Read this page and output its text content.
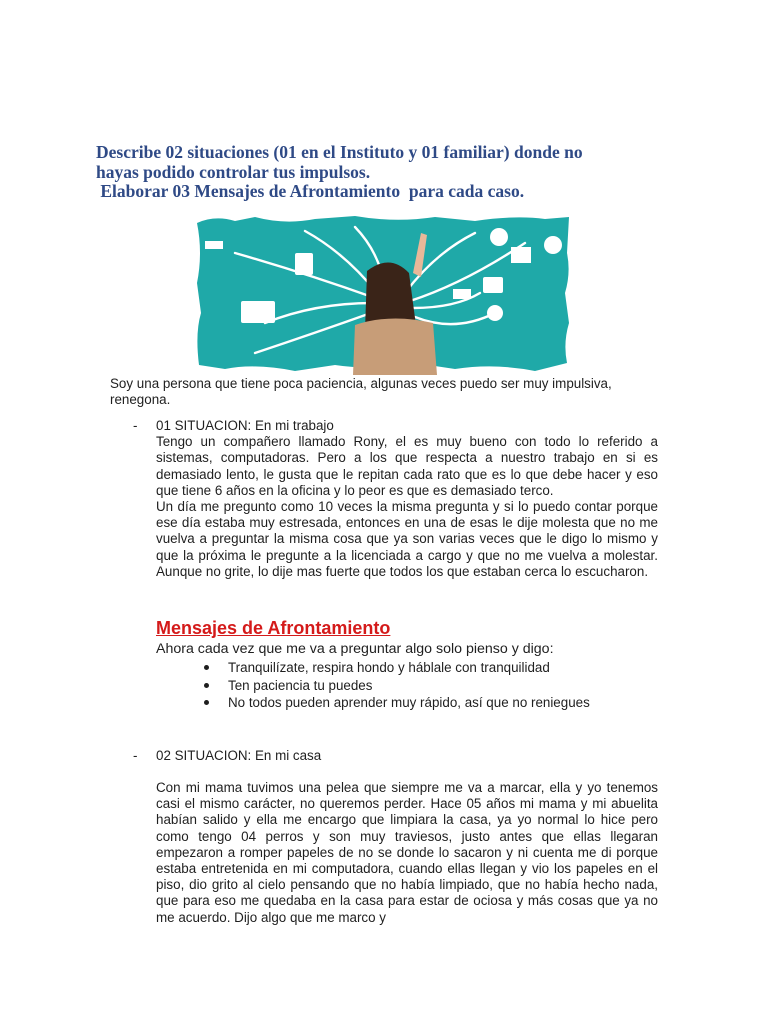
Describe 02 situaciones (01 en el Instituto y 01 familiar) donde no
hayas podido controlar tus impulsos.
Elaborar 03 Mensajes de Afrontamiento  para cada caso.
Soy una persona que tiene poca paciencia, algunas veces puedo ser muy impulsiva, renegona.
- 01 SITUACION: En mi trabajo

Tengo un compañero llamado Rony, el es muy bueno con todo lo referido a sistemas, computadoras. Pero a los que respecta a nuestro trabajo en si es demasiado lento, le gusta que le repitan cada rato que es lo que debe hacer y eso que tiene 6 años en la oficina y lo peor es que es demasiado terco.

Un día me pregunto como 10 veces la misma pregunta y si lo puedo contar porque ese día estaba muy estresada, entonces en una de esas le dije molesta que no me vuelva a preguntar la misma cosa que ya son varias veces que le digo lo mismo y que la próxima le pregunte a la licenciada a cargo y que no me vuelva a molestar. Aunque no grite, lo dije mas fuerte que todos los que estaban cerca lo escucharon.

Mensajes de Afrontamiento
Ahora cada vez que me va a preguntar algo solo pienso y digo:
Tranquilízate, respira hondo y háblale con tranquilidad
Ten paciencia tu puedes
No todos pueden aprender muy rápido, así que no reniegues
- 02 SITUACION: En mi casa
Con mi mama tuvimos una pelea que siempre me va a marcar, ella y yo tenemos casi el mismo carácter, no queremos perder. Hace 05 años mi mama y mi abuelita habían salido y ella me encargo que limpiara la casa, ya yo normal lo hice pero como tengo 04 perros y son muy traviesos, justo antes que ellas llegaran empezaron a romper papeles de no se donde lo sacaron y ni cuenta me di porque estaba entretenida en mi computadora, cuando ellas llegan y vio los papeles en el piso, dio grito al cielo pensando que no había limpiado, que no había hecho nada, que para eso me quedaba en la casa para estar de ociosa y más cosas que ya no me acuerdo. Dijo algo que me marco y
